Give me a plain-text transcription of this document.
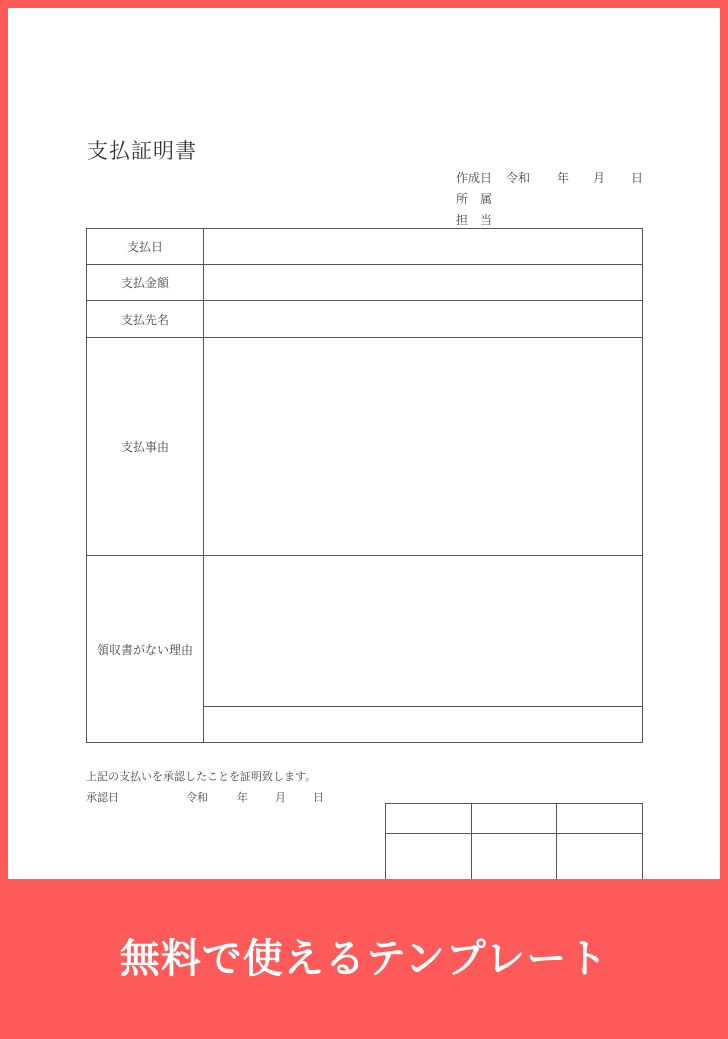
支払証明書
作成日 令和 年 月 日
所　属
担　当
支払日	
支払金額	
支払先名	
支払事由	
領収書がない理由	

上記の支払いを承認したことを証明致します。
承認日	令和	年 月 日

無料で使えるテンプレート
